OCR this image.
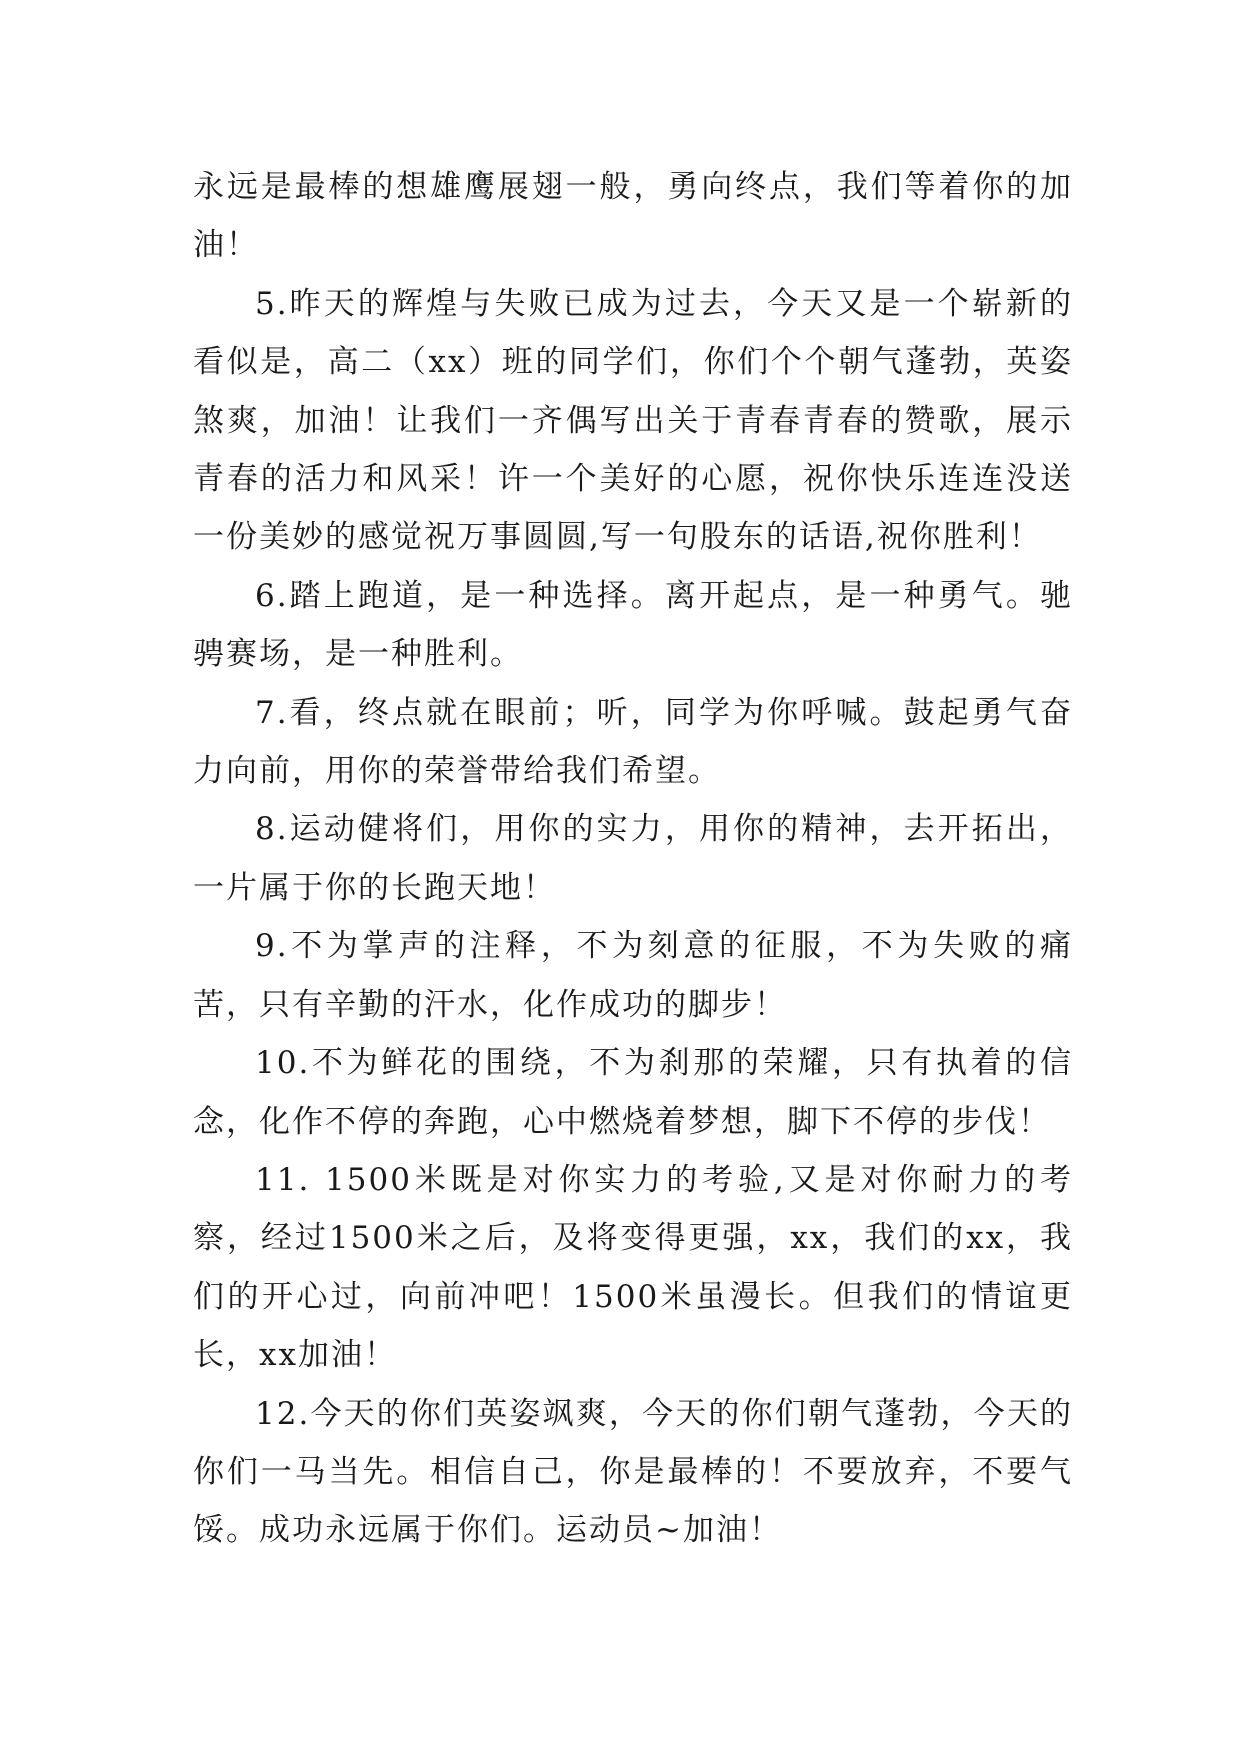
永远是最棒的想雄鹰展翅一般，勇向终点，我们等着你的加油！

5.昨天的辉煌与失败已成为过去，今天又是一个崭新的看似是，高二（xx）班的同学们，你们个个朝气蓬勃，英姿煞爽，加油！让我们一齐偶写出关于青春青春的赞歌，展示青春的活力和风采！许一个美好的心愿，祝你快乐连连没送一份美妙的感觉祝万事圆圆,写一句股东的话语,祝你胜利！

6.踏上跑道，是一种选择。离开起点，是一种勇气。驰骋赛场，是一种胜利。

7.看，终点就在眼前；听，同学为你呼喊。鼓起勇气奋力向前，用你的荣誉带给我们希望。

8.运动健将们，用你的实力，用你的精神，去开拓出，一片属于你的长跑天地！

9.不为掌声的注释，不为刻意的征服，不为失败的痛苦，只有辛勤的汗水，化作成功的脚步！

10.不为鲜花的围绕，不为刹那的荣耀，只有执着的信念，化作不停的奔跑，心中燃烧着梦想，脚下不停的步伐！

11. 1500米既是对你实力的考验,又是对你耐力的考察，经过1500米之后，及将变得更强，xx，我们的xx，我们的开心过，向前冲吧！1500米虽漫长。但我们的情谊更长，xx加油！

12.今天的你们英姿飒爽，今天的你们朝气蓬勃，今天的你们一马当先。相信自己，你是最棒的！不要放弃，不要气馁。成功永远属于你们。运动员~加油！
